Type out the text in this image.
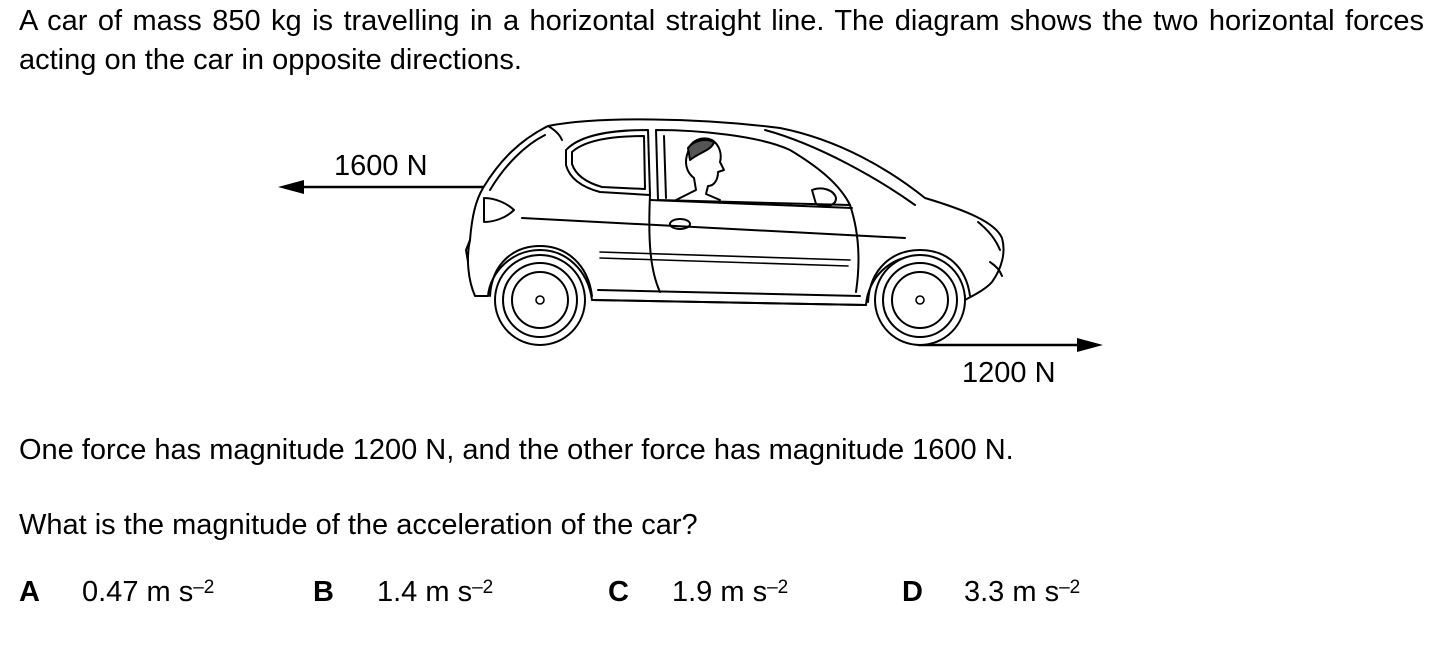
A car of mass 850 kg is travelling in a horizontal straight line. The diagram shows the two horizontal forces acting on the car in opposite directions.
1600 N
1200 N
One force has magnitude 1200 N, and the other force has magnitude 1600 N.
What is the magnitude of the acceleration of the car?
A 0.47 m $s^{-2}$	B 1.4 m $s^{-2}$	C 1.9 m $s^{-2}$	D 3.3 m $s^{-2}$
